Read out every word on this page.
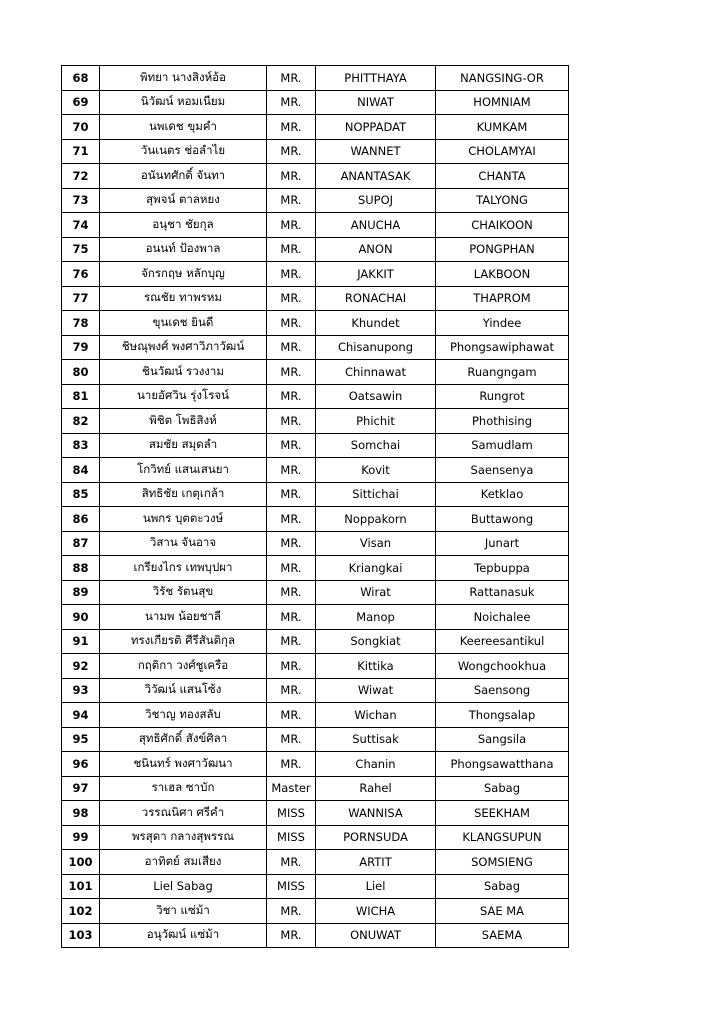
68	พิทยา นางสิงห์อ้อ	MR.	PHITTHAYA	NANGSING-OR
69	นิวัฒน์ หอมเนียม	MR.	NIWAT	HOMNIAM
70	นพเดช ขุมคำ	MR.	NOPPADAT	KUMKAM
71	วันเนตร ช่อลำไย	MR.	WANNET	CHOLAMYAI
72	อนันทศักดิ์ จันทา	MR.	ANANTASAK	CHANTA
73	สุพจน์ ตาลหยง	MR.	SUPOJ	TALYONG
74	อนุชา ชัยกุล	MR.	ANUCHA	CHAIKOON
75	อนนท์ ป้องพาล	MR.	ANON	PONGPHAN
76	จักรกฤษ หลักบุญ	MR.	JAKKIT	LAKBOON
77	รณชัย ทาพรหม	MR.	RONACHAI	THAPROM
78	ขุนเดช ยินดี	MR.	Khundet	Yindee
79	ชิษณุพงศ์ พงศาวิภาวัฒน์	MR.	Chisanupong	Phongsawiphawat
80	ชินวัฒน์ รวงงาม	MR.	Chinnawat	Ruangngam
81	นายอัศวิน รุ่งโรจน์	MR.	Oatsawin	Rungrot
82	พิชิต โพธิสิงห์	MR.	Phichit	Phothising
83	สมชัย สมุดลำ	MR.	Somchai	Samudlam
84	โกวิทย์ แสนเสนยา	MR.	Kovit	Saensenya
85	สิทธิชัย เกตุเกล้า	MR.	Sittichai	Ketklao
86	นพกร บุตตะวงษ์	MR.	Noppakorn	Buttawong
87	วิสาน จันอาจ	MR.	Visan	Junart
88	เกรียงไกร เทพบุปผา	MR.	Kriangkai	Tepbuppa
89	วิรัช รัตนสุข	MR.	Wirat	Rattanasuk
90	นามพ น้อยชาลี	MR.	Manop	Noichalee
91	ทรงเกียรติ ศีรีสันติกุล	MR.	Songkiat	Keereesantikul
92	กฤติกา วงศ์ชูเครือ	MR.	Kittika	Wongchookhua
93	วิวัฒน์ แสนโซ้ง	MR.	Wiwat	Saensong
94	วิชาญ ทองสลับ	MR.	Wichan	Thongsalap
95	สุทธิศักดิ์ สังข์ศิลา	MR.	Suttisak	Sangsila
96	ชนินทร์ พงศาวัฒนา	MR.	Chanin	Phongsawatthana
97	ราเฮล ซาบัก	Master	Rahel	Sabag
98	วรรณนิศา ศรีคำ	MISS	WANNISA	SEEKHAM
99	พรสุดา กลางสุพรรณ	MISS	PORNSUDA	KLANGSUPUN
100	อาทิตย์ สมเสียง	MR.	ARTIT	SOMSIENG
101	Liel Sabag	MISS	Liel	Sabag
102	วิชา แซ่ม้า	MR.	WICHA	SAE MA
103	อนุวัฒน์ แซ่ม้า	MR.	ONUWAT	SAEMA
